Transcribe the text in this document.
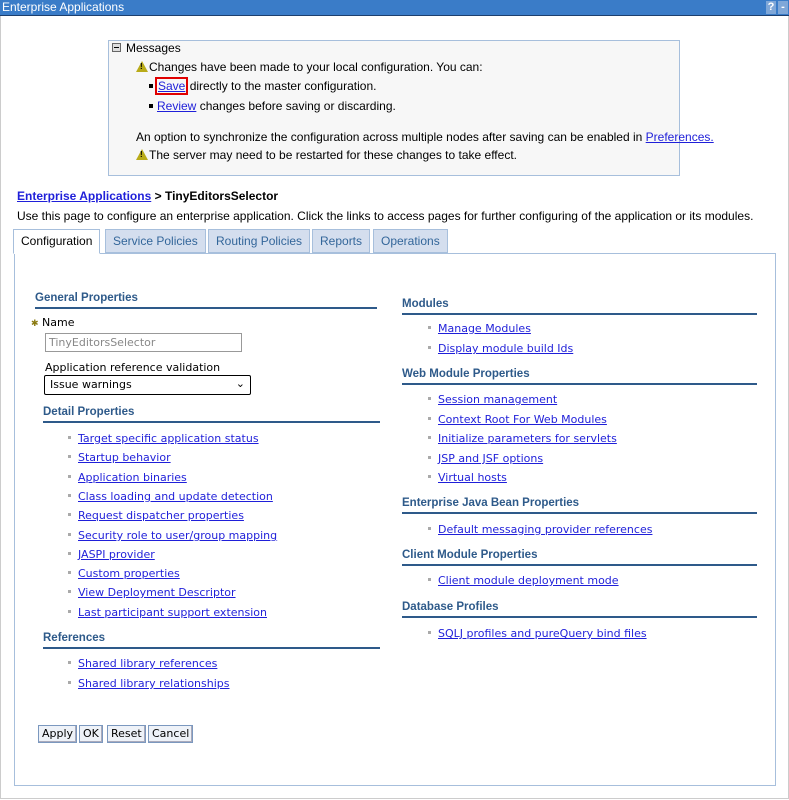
Enterprise Applications	? -
Messages
!Changes have been made to your local configuration. You can:
Save directly to the master configuration.
Review changes before saving or discarding.
An option to synchronize the configuration across multiple nodes after saving can be enabled in Preferences.
!The server may need to be restarted for these changes to take effect.
Enterprise Applications > TinyEditorsSelector
Use this page to configure an enterprise application. Click the links to access pages for further configuring of the application or its modules.
Configuration	Service Policies	Routing Policies	Reports	Operations
General Properties
✱ Name
TinyEditorsSelector
Application reference validation
Issue warnings	⌄
Detail Properties
References
Modules
Web Module Properties
Enterprise Java Bean Properties
Client Module Properties
Database Profiles
Apply OK	Reset Cancel
Target specific application status
Startup behavior
Application binaries
Class loading and update detection
Request dispatcher properties
Security role to user/group mapping
JASPI provider
Custom properties
View Deployment Descriptor
Last participant support extension
Shared library references
Shared library relationships
Manage Modules
Display module build Ids
Session management
Context Root For Web Modules
Initialize parameters for servlets
JSP and JSF options
Virtual hosts
Default messaging provider references
Client module deployment mode
SQLJ profiles and pureQuery bind files
